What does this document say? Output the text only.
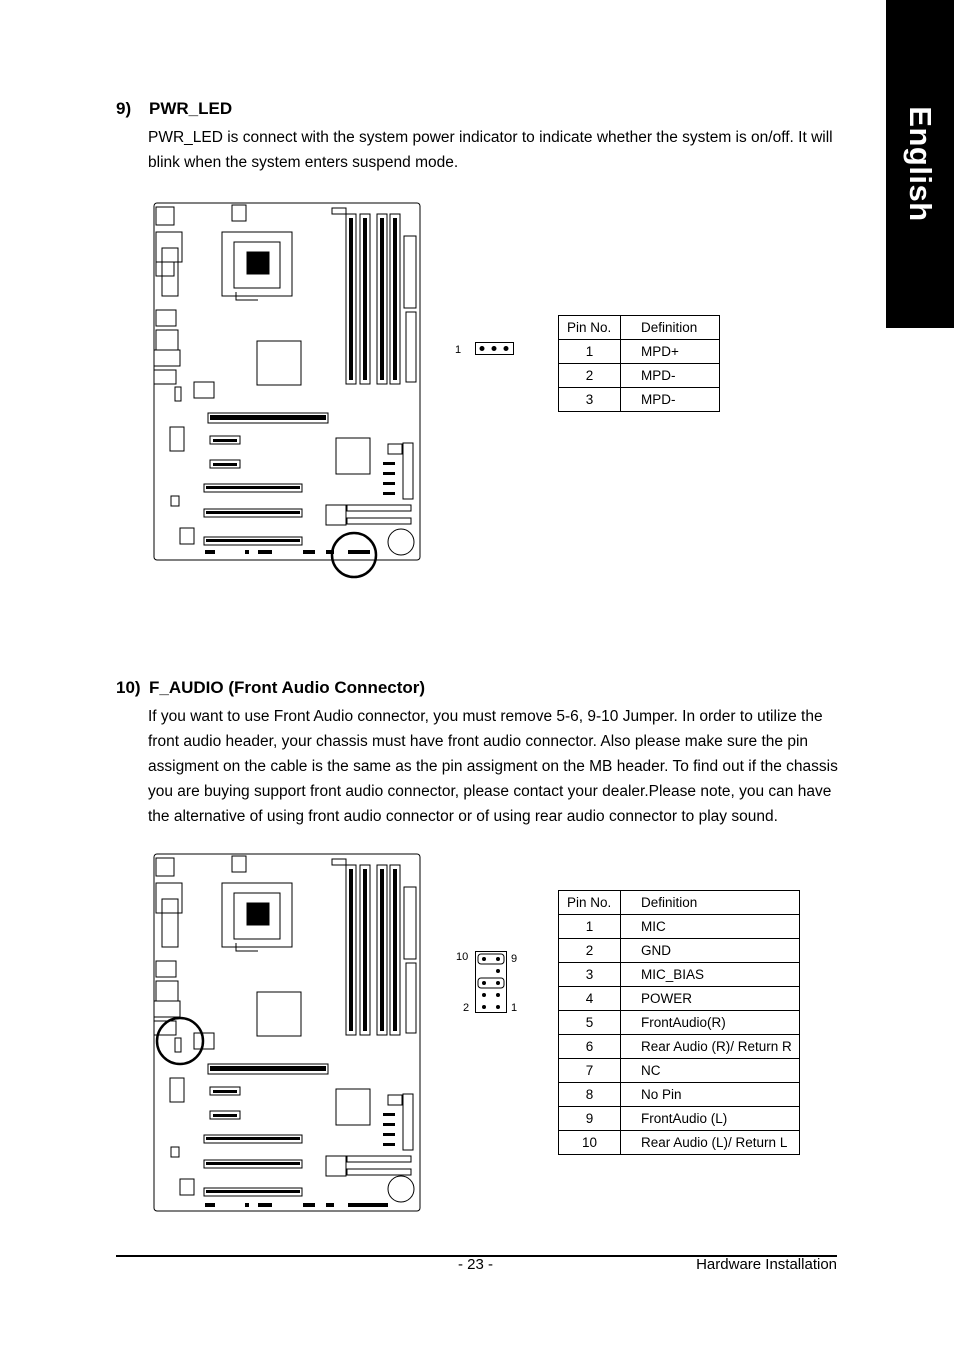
English
9) PWR_LED

PWR_LED is connect with the system power indicator to indicate whether the system is on/off. It will blink when the system enters suspend mode.

1
Pin No.	Definition
1	MPD+
2	MPD-
3	MPD-
10) F_AUDIO (Front Audio Connector)

If you want to use Front Audio connector, you must remove 5-6, 9-10 Jumper. In order to utilize the front audio header, your chassis must have front audio connector. Also please make sure the pin assigment on the cable is the same as the pin assigment on the MB header. To find out if the chassis you are buying support front audio connector, please contact your dealer.Please note, you can have the alternative of using front audio connector or of using rear audio connector to play sound.

10	9
2	1
Pin No.	Definition
1	MIC
2	GND
3	MIC_BIAS
4	POWER
5	FrontAudio(R)
6	Rear Audio (R)/ Return R
7	NC
8	No Pin
9	FrontAudio (L)
10	Rear Audio (L)/ Return L
- 23 -	Hardware Installation
